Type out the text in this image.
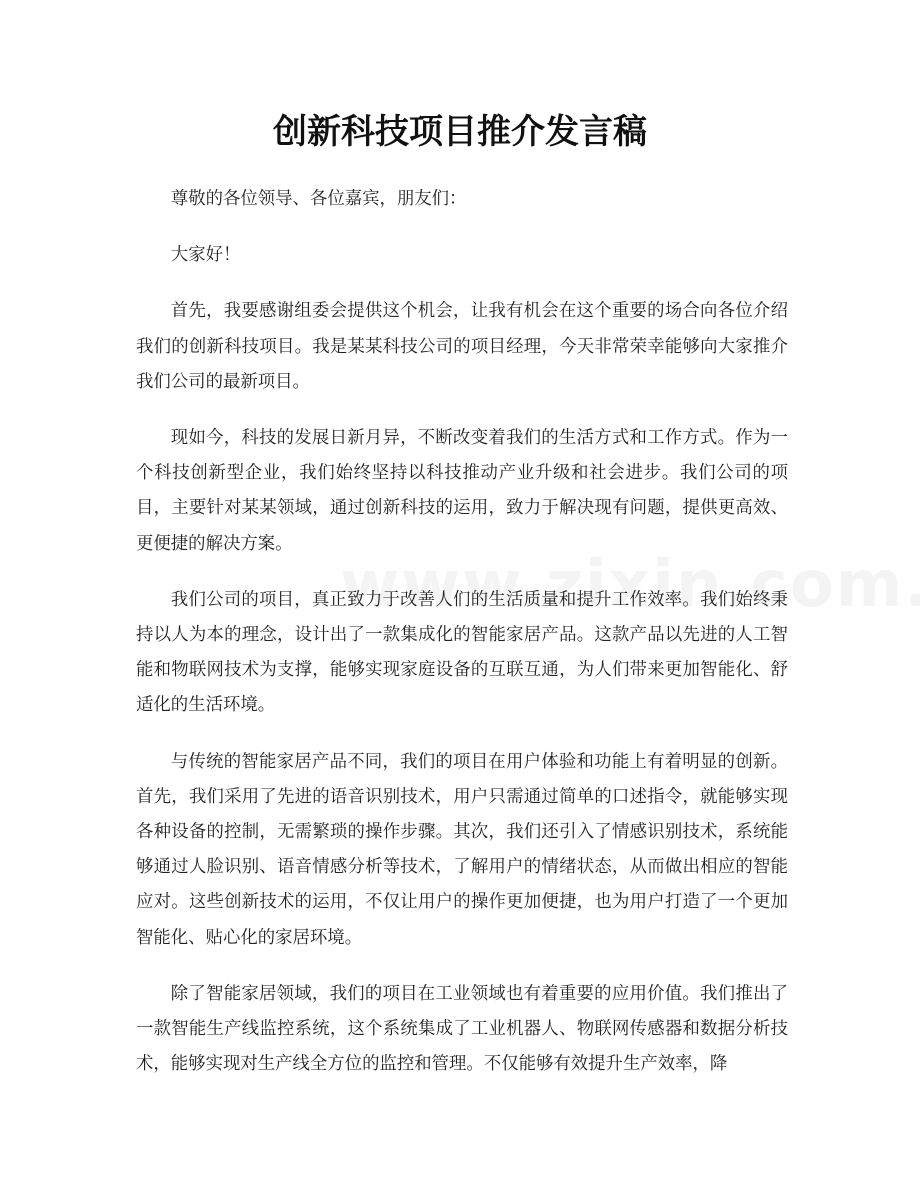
创新科技项目推介发言稿

尊敬的各位领导、各位嘉宾，朋友们：

大家好！

首先，我要感谢组委会提供这个机会，让我有机会在这个重要的场合向各位介绍我们的创新科技项目。我是某某科技公司的项目经理，今天非常荣幸能够向大家推介我们公司的最新项目。

现如今，科技的发展日新月异，不断改变着我们的生活方式和工作方式。作为一个科技创新型企业，我们始终坚持以科技推动产业升级和社会进步。我们公司的项目，主要针对某某领域，通过创新科技的运用，致力于解决现有问题，提供更高效、更便捷的解决方案。

我们公司的项目，真正致力于改善人们的生活质量和提升工作效率。我们始终秉持以人为本的理念，设计出了一款集成化的智能家居产品。这款产品以先进的人工智能和物联网技术为支撑，能够实现家庭设备的互联互通，为人们带来更加智能化、舒适化的生活环境。

与传统的智能家居产品不同，我们的项目在用户体验和功能上有着明显的创新。首先，我们采用了先进的语音识别技术，用户只需通过简单的口述指令，就能够实现各种设备的控制，无需繁琐的操作步骤。其次，我们还引入了情感识别技术，系统能够通过人脸识别、语音情感分析等技术，了解用户的情绪状态，从而做出相应的智能应对。这些创新技术的运用，不仅让用户的操作更加便捷，也为用户打造了一个更加智能化、贴心化的家居环境。

除了智能家居领域，我们的项目在工业领域也有着重要的应用价值。我们推出了一款智能生产线监控系统，这个系统集成了工业机器人、物联网传感器和数据分析技术，能够实现对生产线全方位的监控和管理。不仅能够有效提升生产效率，降
